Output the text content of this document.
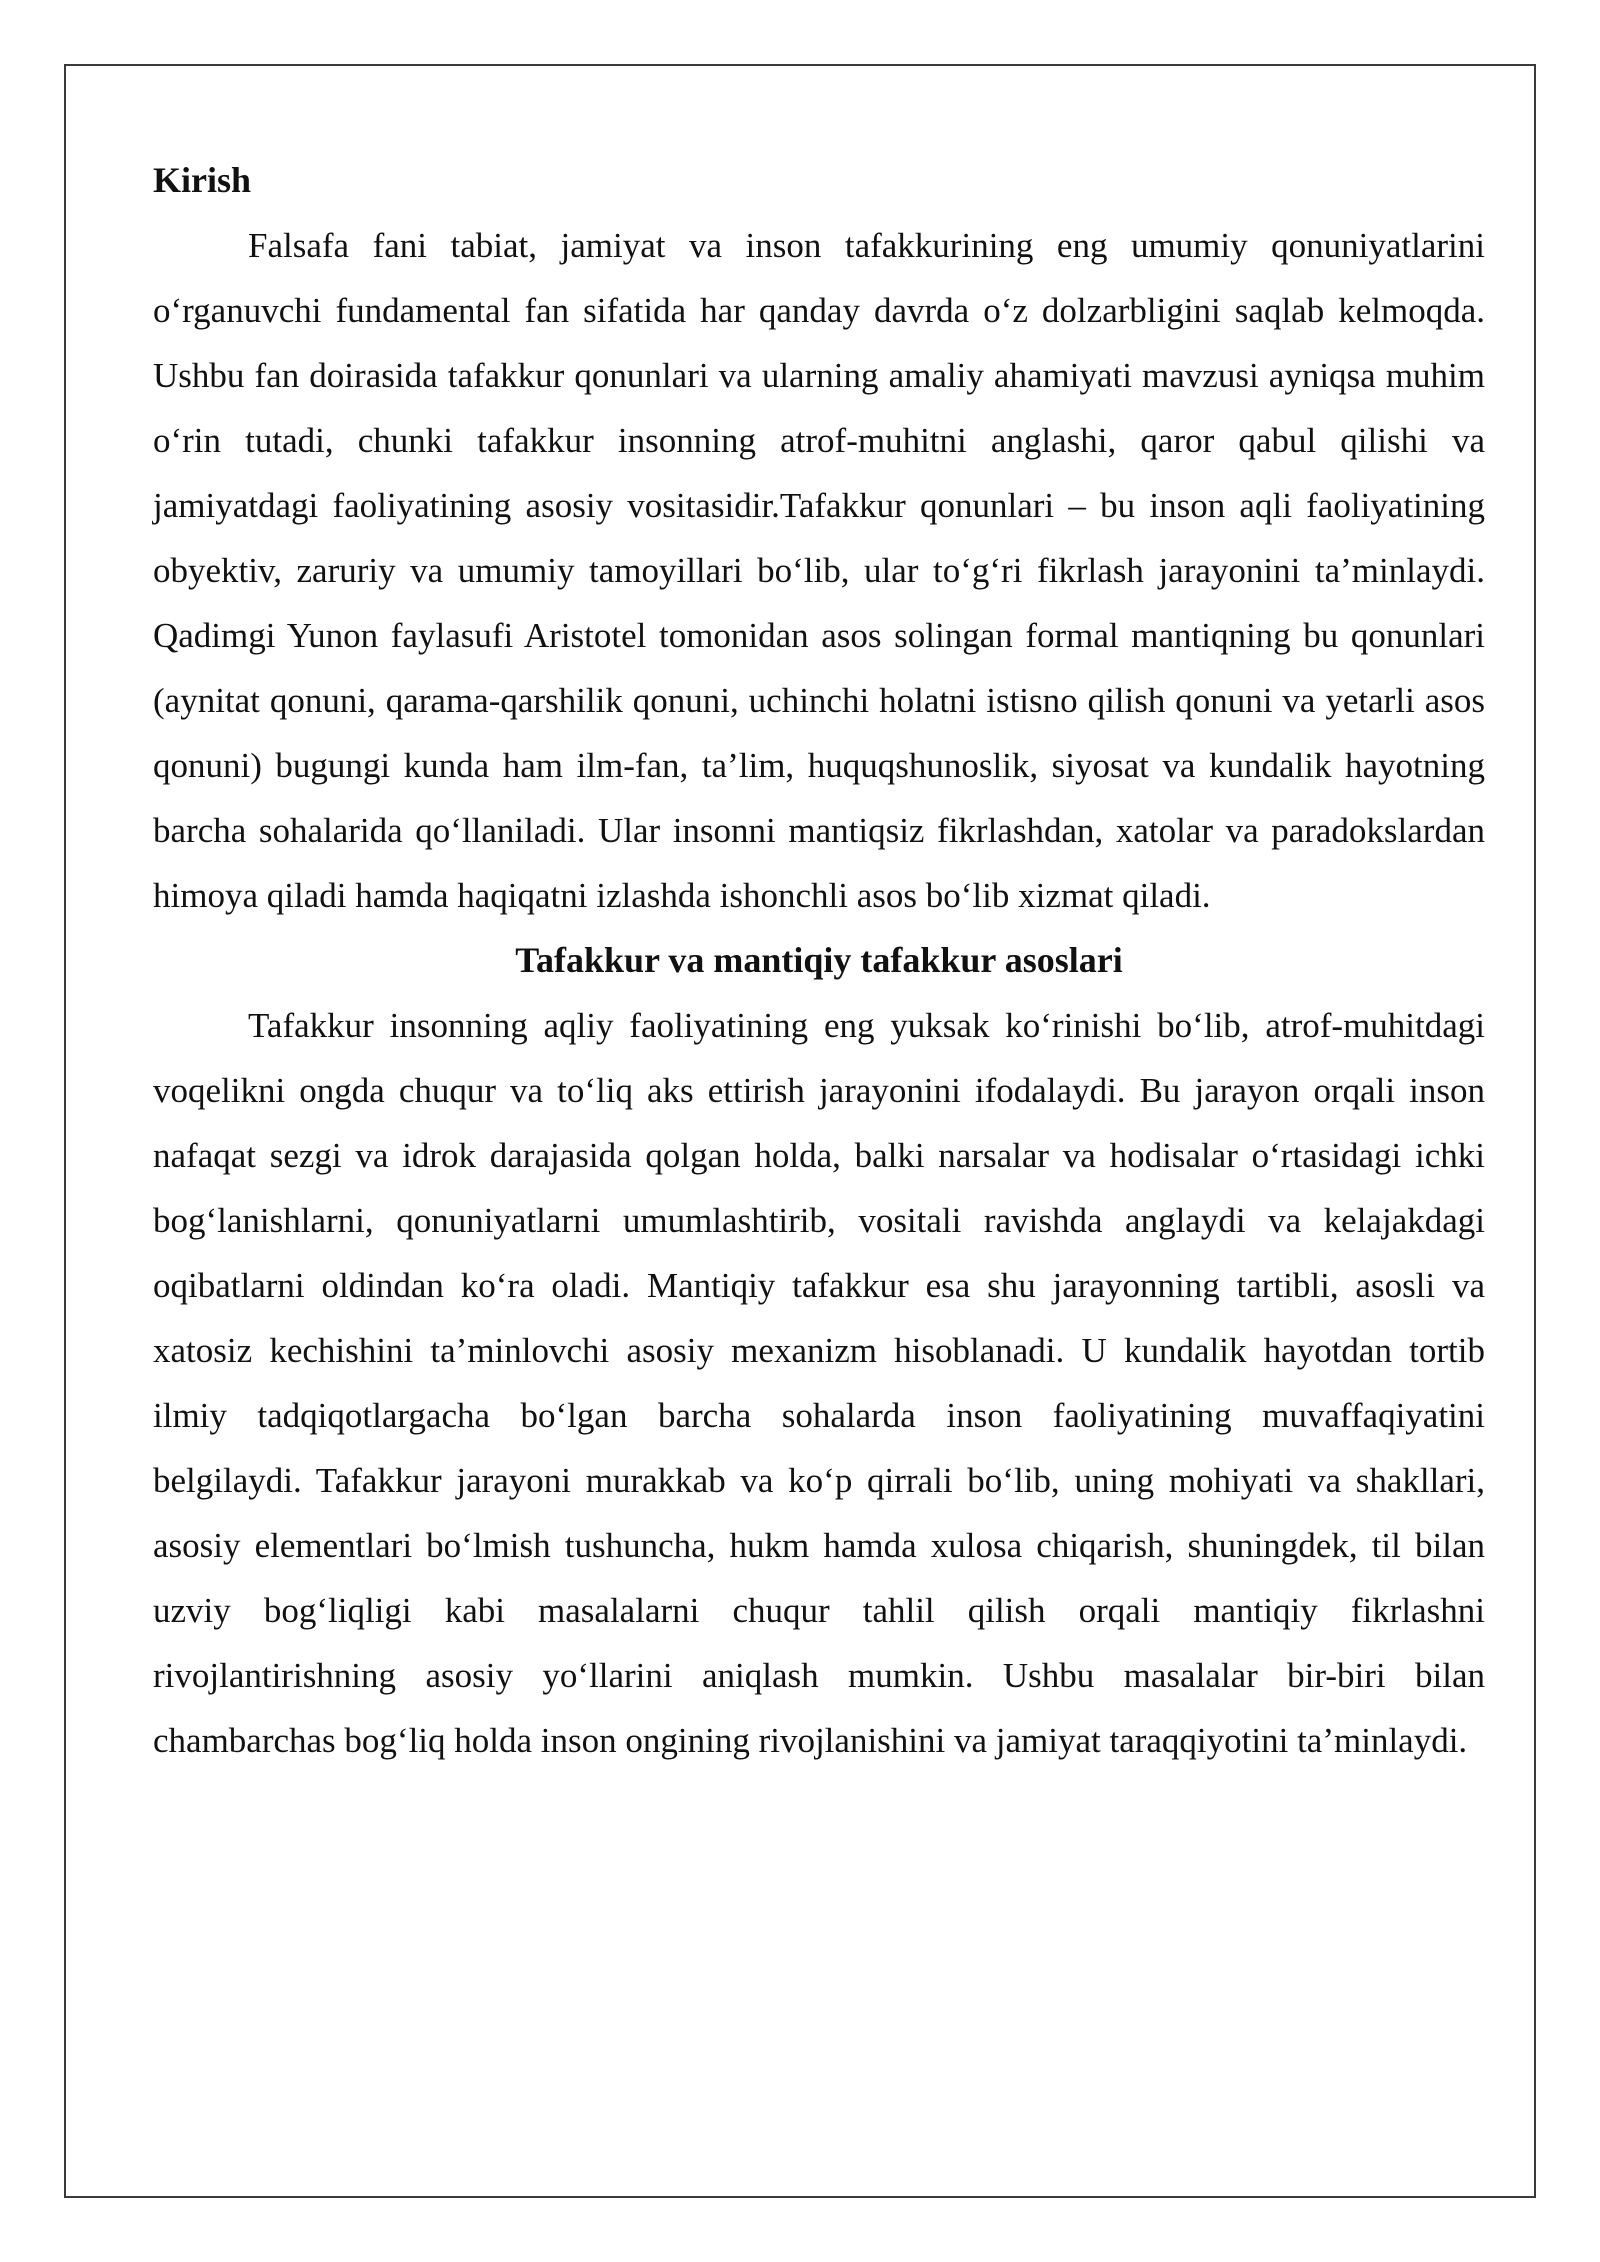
Kirish

Falsafa fani tabiat, jamiyat va inson tafakkurining eng umumiy qonuniyatlarini o‘rganuvchi fundamental fan sifatida har qanday davrda o‘z dolzarbligini saqlab kelmoqda. Ushbu fan doirasida tafakkur qonunlari va ularning amaliy ahamiyati mavzusi ayniqsa muhim o‘rin tutadi, chunki tafakkur insonning atrof-muhitni anglashi, qaror qabul qilishi va jamiyatdagi faoliyatining asosiy vositasidir.Tafakkur qonunlari – bu inson aqli faoliyatining obyektiv, zaruriy va umumiy tamoyillari bo‘lib, ular to‘g‘ri fikrlash jarayonini ta’minlaydi. Qadimgi Yunon faylasufi Aristotel tomonidan asos solingan formal mantiqning bu qonunlari (aynitat qonuni, qarama-qarshilik qonuni, uchinchi holatni istisno qilish qonuni va yetarli asos qonuni) bugungi kunda ham ilm-fan, ta’lim, huquqshunoslik, siyosat va kundalik hayotning barcha sohalarida qo‘llaniladi. Ular insonni mantiqsiz fikrlashdan, xatolar va paradokslardan himoya qiladi hamda haqiqatni izlashda ishonchli asos bo‘lib xizmat qiladi.

Tafakkur va mantiqiy tafakkur asoslari

Tafakkur insonning aqliy faoliyatining eng yuksak ko‘rinishi bo‘lib, atrof-muhitdagi voqelikni ongda chuqur va to‘liq aks ettirish jarayonini ifodalaydi. Bu jarayon orqali inson nafaqat sezgi va idrok darajasida qolgan holda, balki narsalar va hodisalar o‘rtasidagi ichki bog‘lanishlarni, qonuniyatlarni umumlashtirib, vositali ravishda anglaydi va kelajakdagi oqibatlarni oldindan ko‘ra oladi. Mantiqiy tafakkur esa shu jarayonning tartibli, asosli va xatosiz kechishini ta’minlovchi asosiy mexanizm hisoblanadi. U kundalik hayotdan tortib ilmiy tadqiqotlargacha bo‘lgan barcha sohalarda inson faoliyatining muvaffaqiyatini belgilaydi. Tafakkur jarayoni murakkab va ko‘p qirrali bo‘lib, uning mohiyati va shakllari, asosiy elementlari bo‘lmish tushuncha, hukm hamda xulosa chiqarish, shuningdek, til bilan uzviy bog‘liqligi kabi masalalarni chuqur tahlil qilish orqali mantiqiy fikrlashni rivojlantirishning asosiy yo‘llarini aniqlash mumkin. Ushbu masalalar bir-biri bilan chambarchas bog‘liq holda inson ongining rivojlanishini va jamiyat taraqqiyotini ta’minlaydi.
